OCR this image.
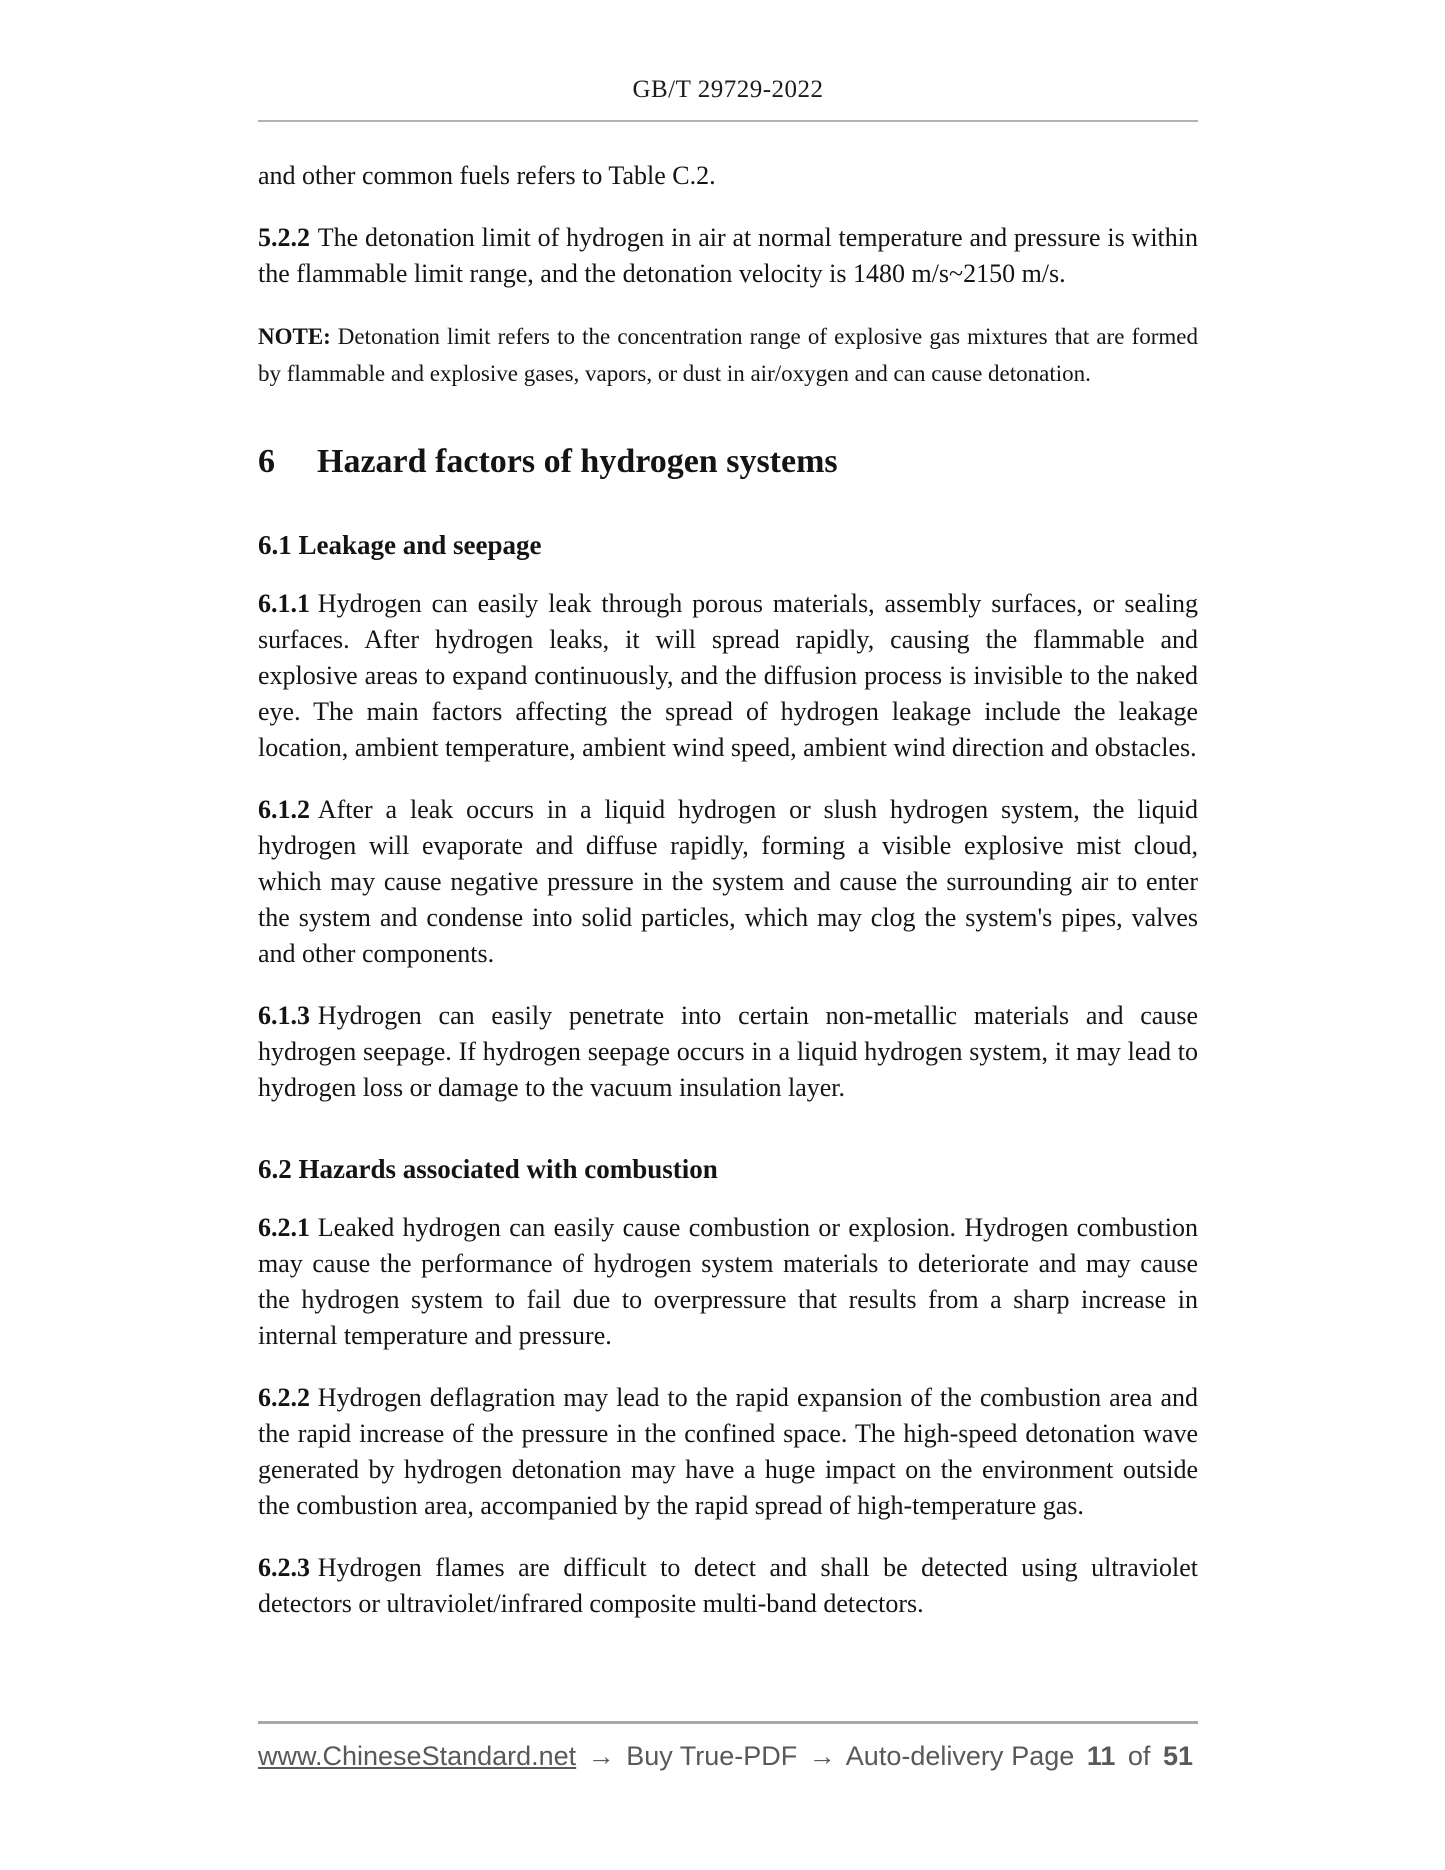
GB/T 29729-2022

and other common fuels refers to Table C.2.

5.2.2 The detonation limit of hydrogen in air at normal temperature and pressure is within the flammable limit range, and the detonation velocity is 1480 m/s~2150 m/s.

NOTE: Detonation limit refers to the concentration range of explosive gas mixtures that are formed by flammable and explosive gases, vapors, or dust in air/oxygen and can cause detonation.

6 Hazard factors of hydrogen systems
6.1 Leakage and seepage

6.1.1 Hydrogen can easily leak through porous materials, assembly surfaces, or sealing surfaces. After hydrogen leaks, it will spread rapidly, causing the flammable and explosive areas to expand continuously, and the diffusion process is invisible to the naked eye. The main factors affecting the spread of hydrogen leakage include the leakage location, ambient temperature, ambient wind speed, ambient wind direction and obstacles.

6.1.2 After a leak occurs in a liquid hydrogen or slush hydrogen system, the liquid hydrogen will evaporate and diffuse rapidly, forming a visible explosive mist cloud, which may cause negative pressure in the system and cause the surrounding air to enter the system and condense into solid particles, which may clog the system's pipes, valves and other components.

6.1.3 Hydrogen can easily penetrate into certain non-metallic materials and cause hydrogen seepage. If hydrogen seepage occurs in a liquid hydrogen system, it may lead to hydrogen loss or damage to the vacuum insulation layer.

6.2 Hazards associated with combustion

6.2.1 Leaked hydrogen can easily cause combustion or explosion. Hydrogen combustion may cause the performance of hydrogen system materials to deteriorate and may cause the hydrogen system to fail due to overpressure that results from a sharp increase in internal temperature and pressure.

6.2.2 Hydrogen deflagration may lead to the rapid expansion of the combustion area and the rapid increase of the pressure in the confined space. The high-speed detonation wave generated by hydrogen detonation may have a huge impact on the environment outside the combustion area, accompanied by the rapid spread of high-temperature gas.

6.2.3 Hydrogen flames are difficult to detect and shall be detected using ultraviolet detectors or ultraviolet/infrared composite multi-band detectors.

www.ChineseStandard.net → Buy True-PDF → Auto-delivery Page 11 of 51
